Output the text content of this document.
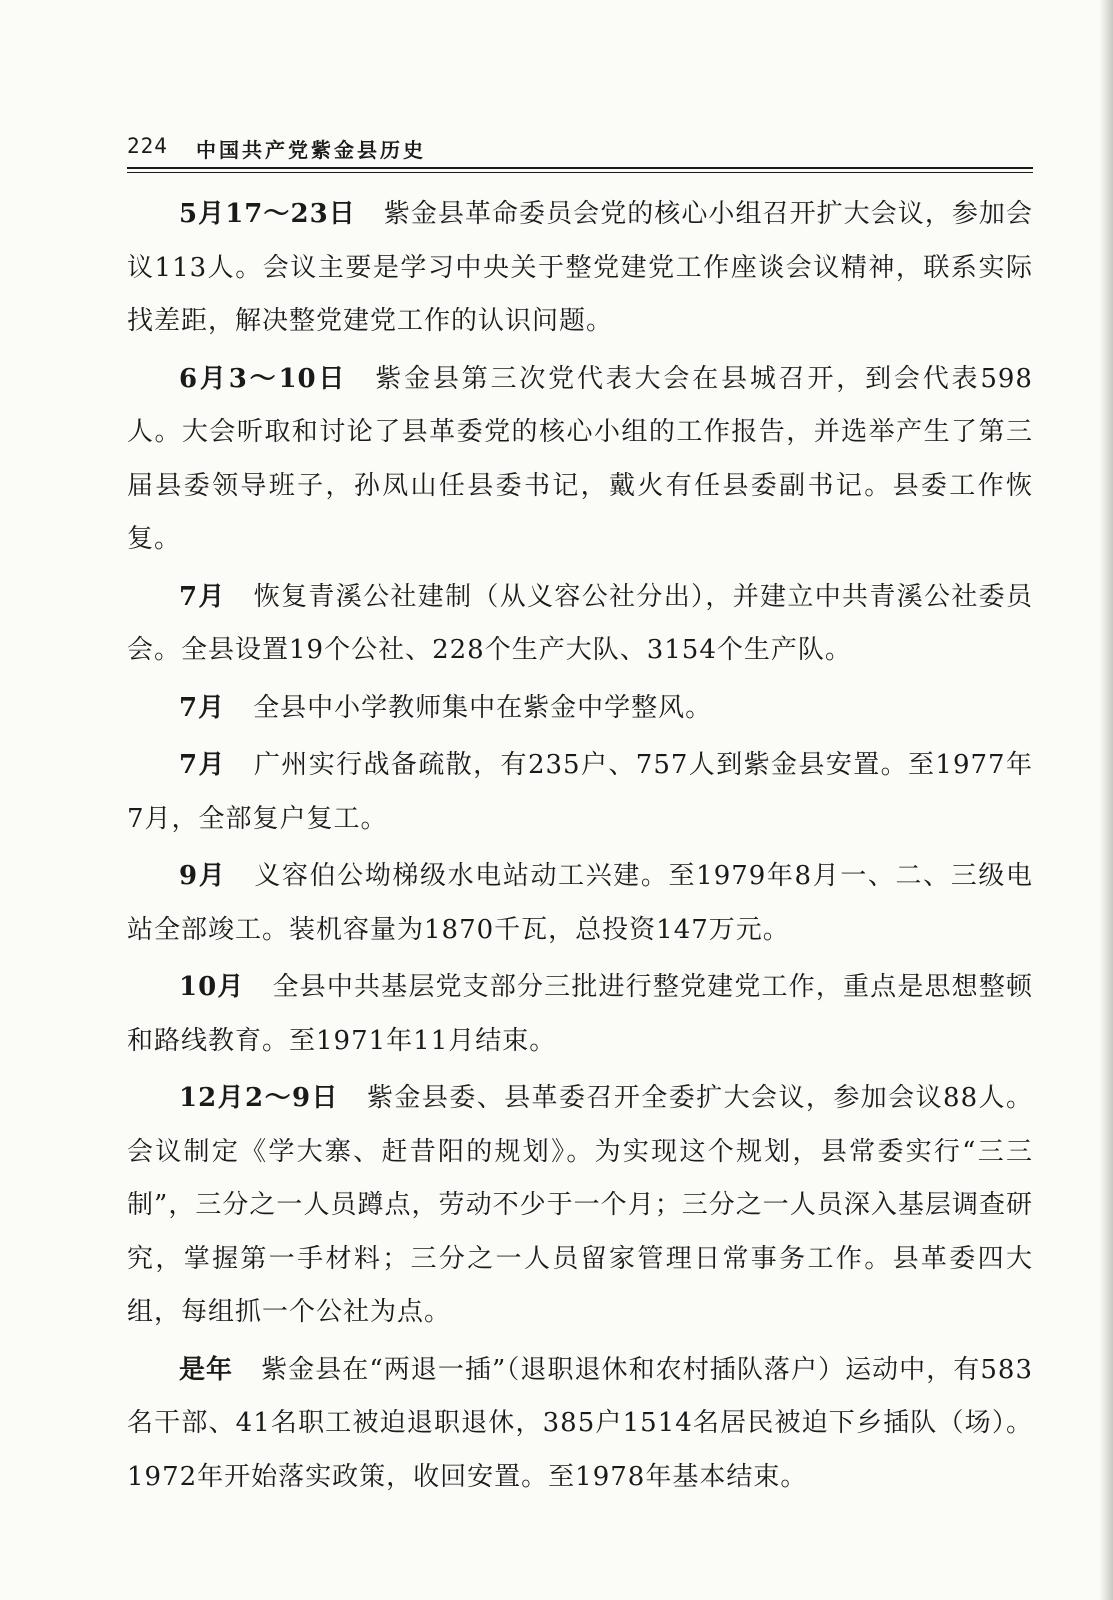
224 中国共产党紫金县历史

5月17～23日 紫金县革命委员会党的核心小组召开扩大会议，参加会议113人。会议主要是学习中央关于整党建党工作座谈会议精神，联系实际找差距，解决整党建党工作的认识问题。

6月3～10日 紫金县第三次党代表大会在县城召开，到会代表598人。大会听取和讨论了县革委党的核心小组的工作报告，并选举产生了第三届县委领导班子，孙凤山任县委书记，戴火有任县委副书记。县委工作恢复。

7月 恢复青溪公社建制（从义容公社分出），并建立中共青溪公社委员会。全县设置19个公社、228个生产大队、3154个生产队。

7月 全县中小学教师集中在紫金中学整风。

7月 广州实行战备疏散，有235户、757人到紫金县安置。至1977年7月，全部复户复工。

9月 义容伯公坳梯级水电站动工兴建。至1979年8月一、二、三级电站全部竣工。装机容量为1870千瓦，总投资147万元。

10月 全县中共基层党支部分三批进行整党建党工作，重点是思想整顿和路线教育。至1971年11月结束。

12月2～9日 紫金县委、县革委召开全委扩大会议，参加会议88人。会议制定《学大寨、赶昔阳的规划》。为实现这个规划，县常委实行“三三制”，三分之一人员蹲点，劳动不少于一个月；三分之一人员深入基层调查研究，掌握第一手材料；三分之一人员留家管理日常事务工作。县革委四大组，每组抓一个公社为点。

是年 紫金县在“两退一插”（退职退休和农村插队落户）运动中，有583名干部、41名职工被迫退职退休，385户1514名居民被迫下乡插队（场）。1972年开始落实政策，收回安置。至1978年基本结束。
